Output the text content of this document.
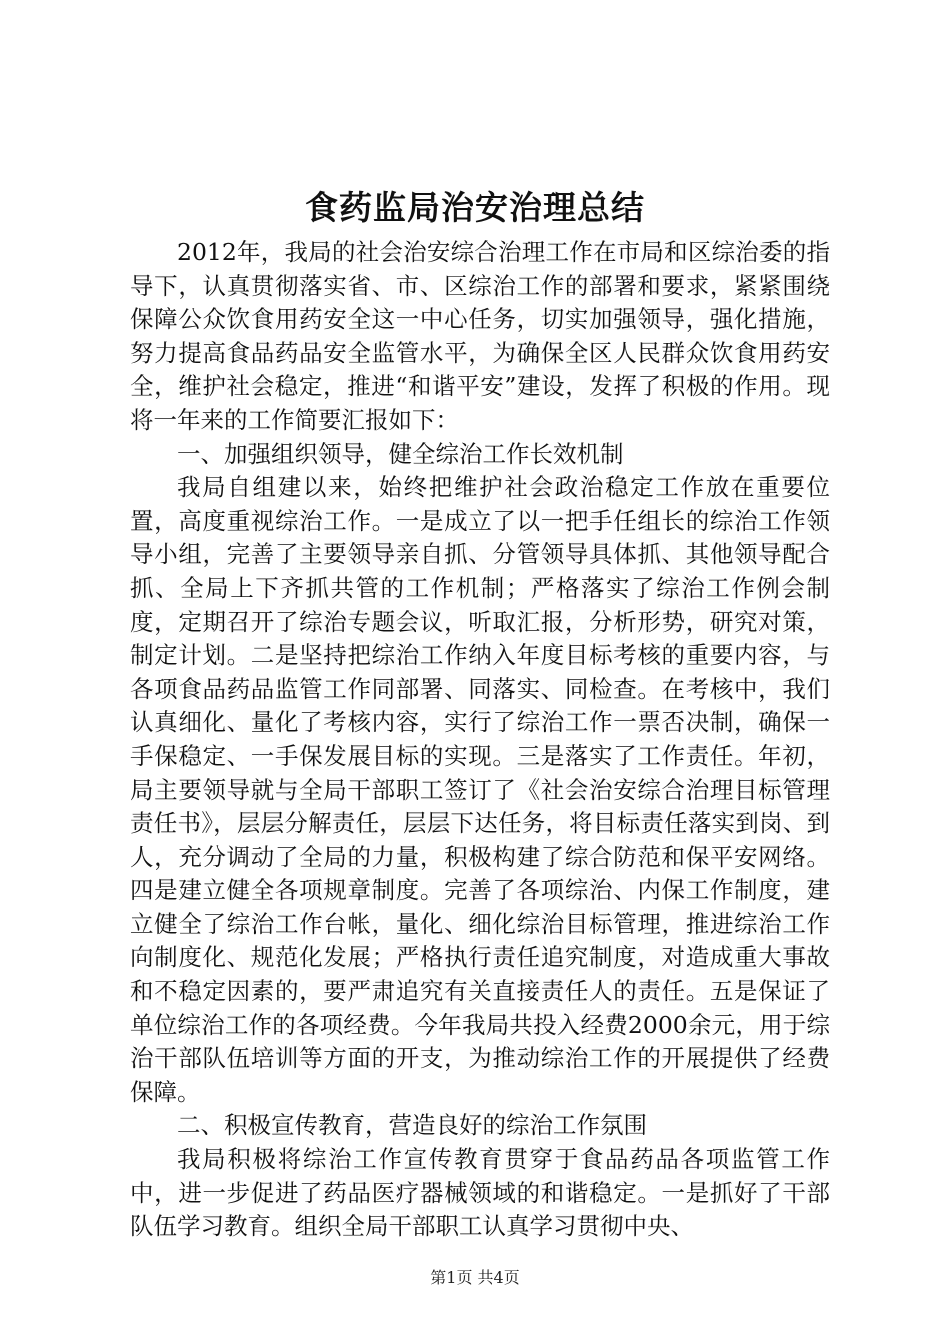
食药监局治安治理总结

2012年，我局的社会治安综合治理工作在市局和区综治委的指导下，认真贯彻落实省、市、区综治工作的部署和要求，紧紧围绕保障公众饮食用药安全这一中心任务，切实加强领导，强化措施，努力提高食品药品安全监管水平，为确保全区人民群众饮食用药安全，维护社会稳定，推进“和谐平安”建设，发挥了积极的作用。现将一年来的工作简要汇报如下：

一、加强组织领导，健全综治工作长效机制

我局自组建以来，始终把维护社会政治稳定工作放在重要位置，高度重视综治工作。一是成立了以一把手任组长的综治工作领导小组，完善了主要领导亲自抓、分管领导具体抓、其他领导配合抓、全局上下齐抓共管的工作机制；严格落实了综治工作例会制度，定期召开了综治专题会议，听取汇报，分析形势，研究对策，制定计划。二是坚持把综治工作纳入年度目标考核的重要内容，与各项食品药品监管工作同部署、同落实、同检查。在考核中，我们认真细化、量化了考核内容，实行了综治工作一票否决制，确保一手保稳定、一手保发展目标的实现。三是落实了工作责任。年初，局主要领导就与全局干部职工签订了《社会治安综合治理目标管理责任书》，层层分解责任，层层下达任务，将目标责任落实到岗、到人，充分调动了全局的力量，积极构建了综合防范和保平安网络。四是建立健全各项规章制度。完善了各项综治、内保工作制度，建立健全了综治工作台帐，量化、细化综治目标管理，推进综治工作向制度化、规范化发展；严格执行责任追究制度，对造成重大事故和不稳定因素的，要严肃追究有关直接责任人的责任。五是保证了单位综治工作的各项经费。今年我局共投入经费2000余元，用于综治干部队伍培训等方面的开支，为推动综治工作的开展提供了经费保障。

二、积极宣传教育，营造良好的综治工作氛围

我局积极将综治工作宣传教育贯穿于食品药品各项监管工作中，进一步促进了药品医疗器械领域的和谐稳定。一是抓好了干部队伍学习教育。组织全局干部职工认真学习贯彻中央、

第1页 共4页
